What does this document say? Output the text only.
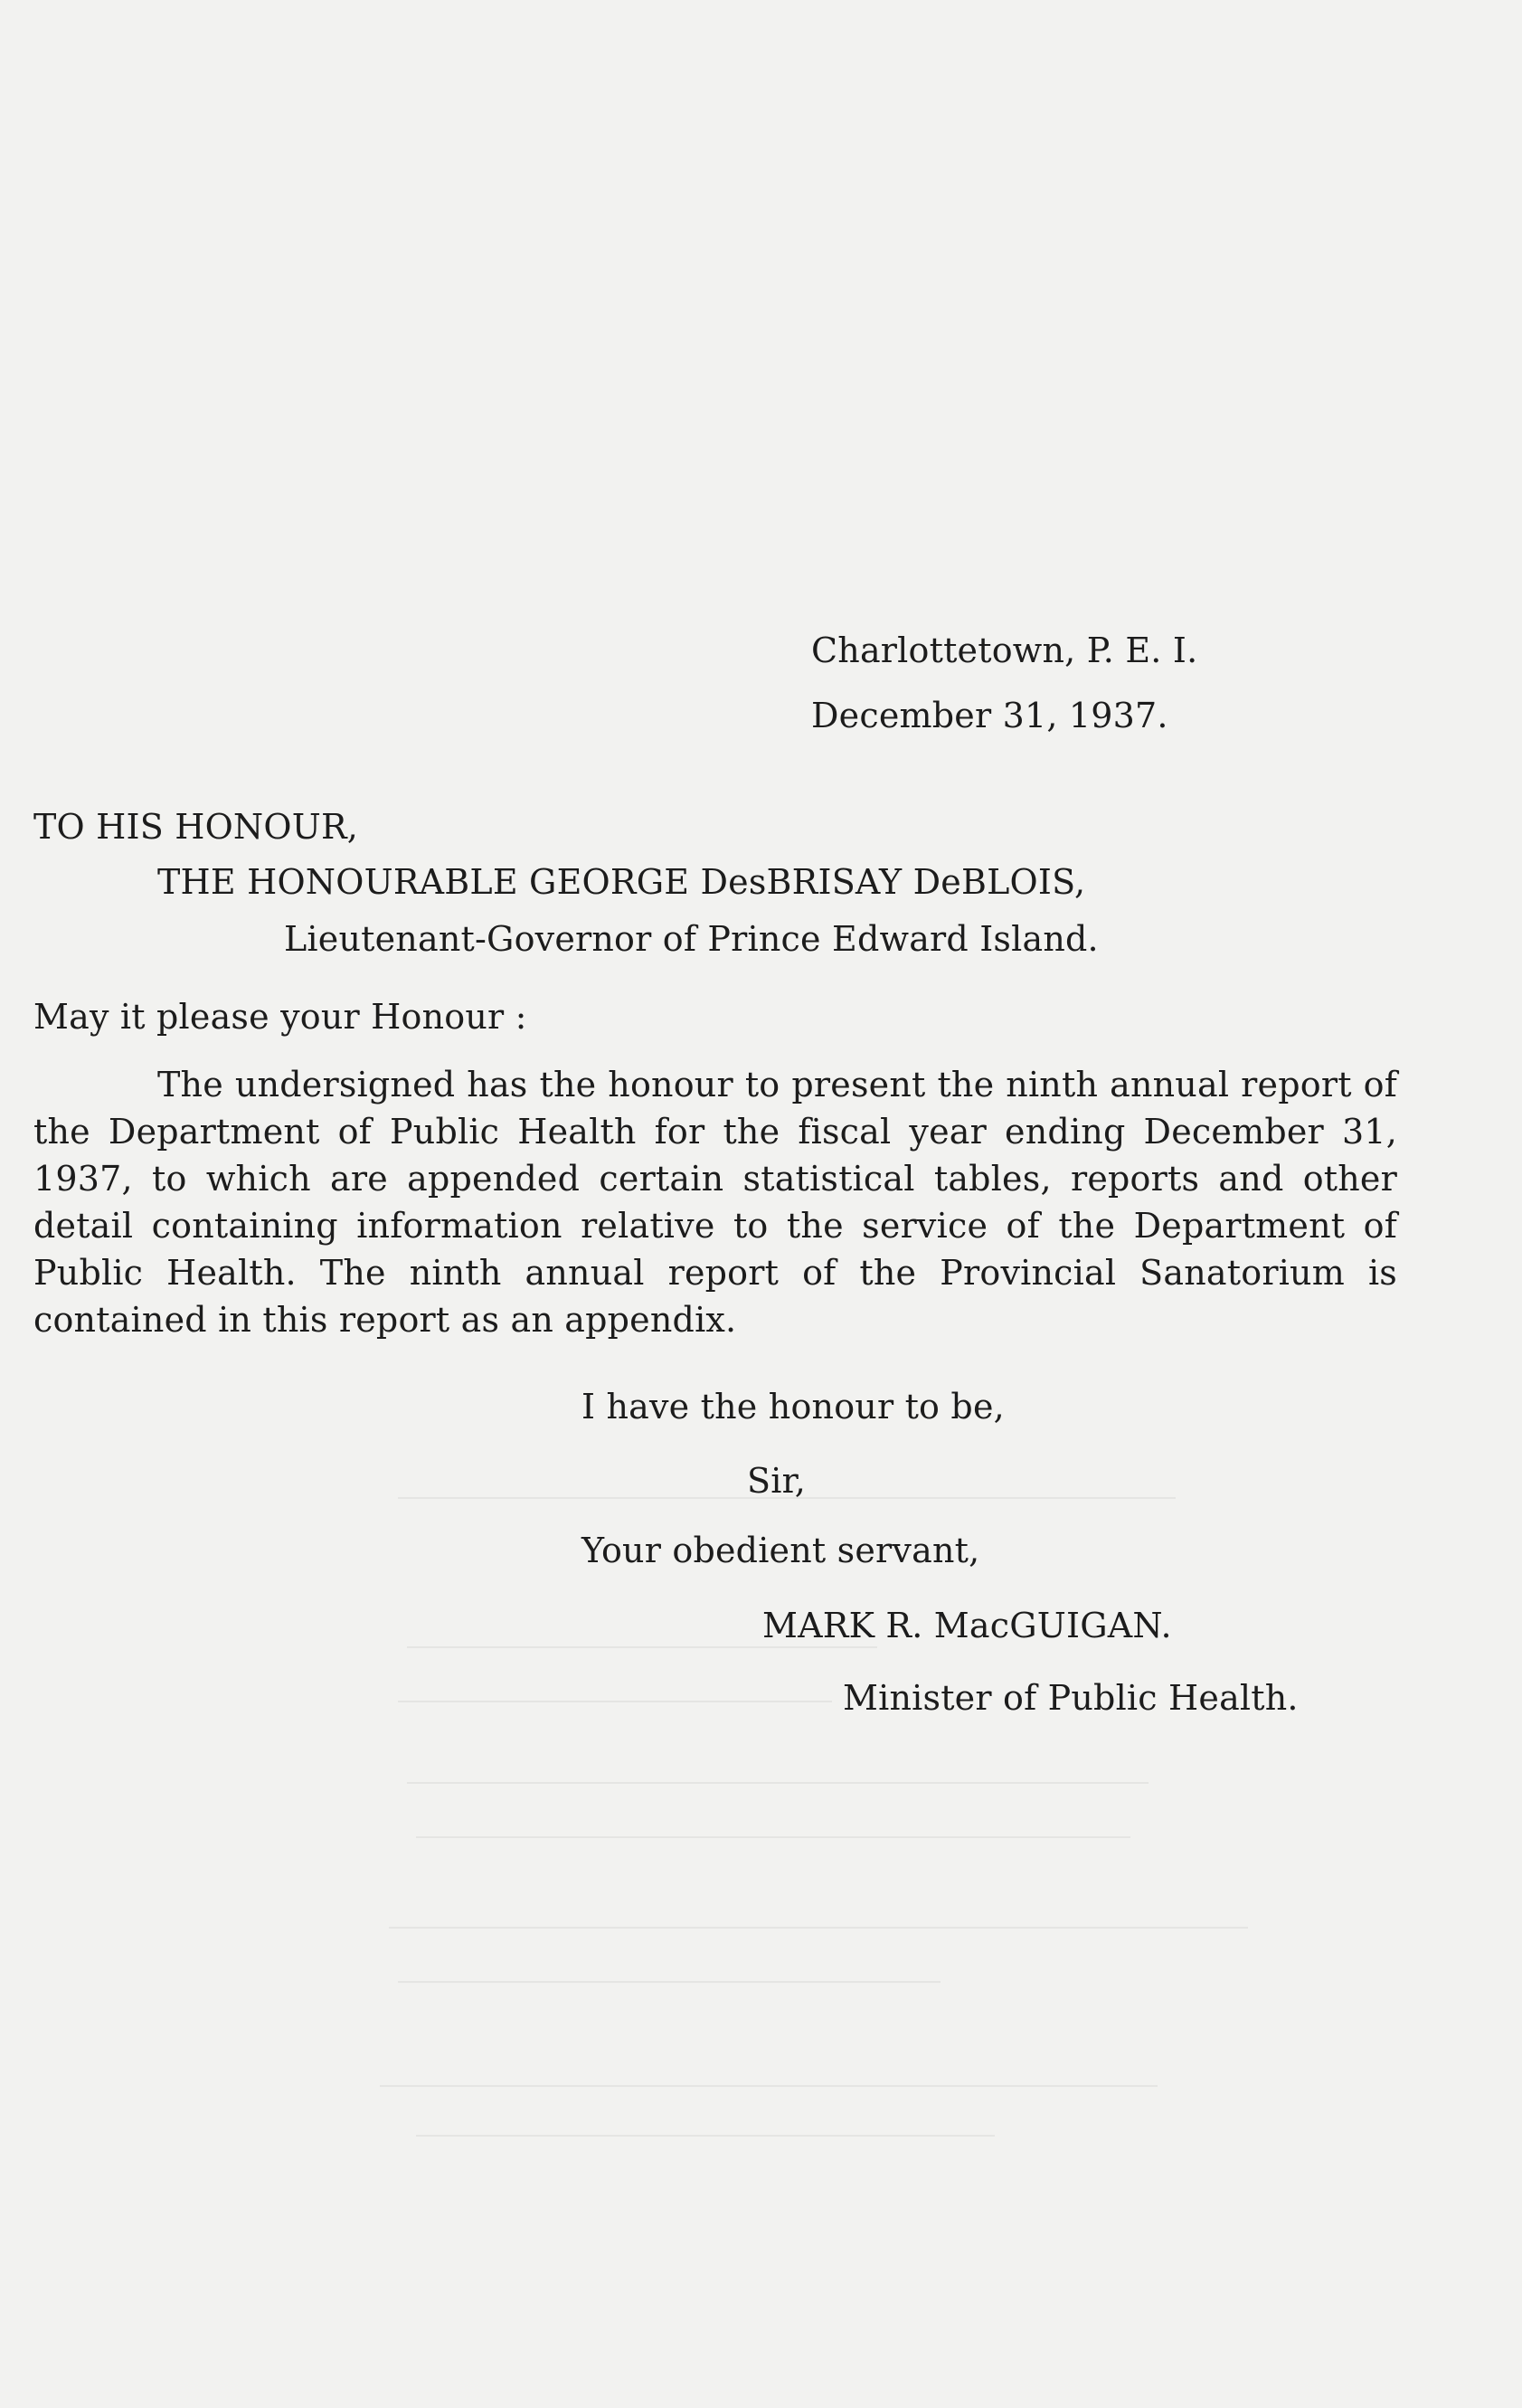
Charlottetown, P. E. I.
December 31, 1937.
TO HIS HONOUR,
THE HONOURABLE GEORGE DesBRISAY DeBLOIS,
Lieutenant-Governor of Prince Edward Island.
May it please your Honour :
The undersigned has the honour to present the ninth annual report of the Department of Public Health for the fiscal year ending December 31, 1937, to which are appended certain statistical tables, reports and other detail containing information relative to the service of the Department of Public Health. The ninth annual report of the Provincial Sanatorium is contained in this report as an appendix.
I have the honour to be,
Sir,
Your obedient servant,
MARK R. MacGUIGAN.
Minister of Public Health.
